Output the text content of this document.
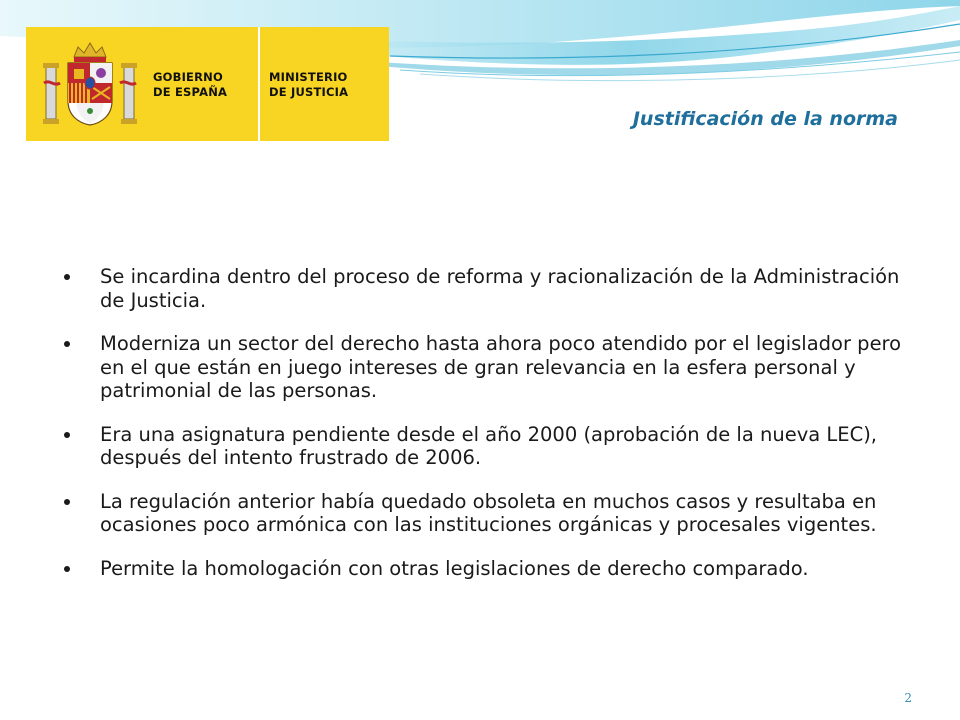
GOBIERNO
DE ESPAÑA
MINISTERIO
DE JUSTICIA
Justificación de la norma
Se incardina dentro del proceso de reforma y racionalización de la Administración de Justicia.
Moderniza un sector del derecho hasta ahora poco atendido por el legislador pero en el que están en juego intereses de gran relevancia en la esfera personal y patrimonial de las personas.
Era una asignatura pendiente desde el año 2000 (aprobación de la nueva LEC), después del intento frustrado de 2006.
La regulación anterior había quedado obsoleta en muchos casos y resultaba en ocasiones poco armónica con las instituciones orgánicas y procesales vigentes.
Permite la homologación con otras legislaciones de derecho comparado.
2
